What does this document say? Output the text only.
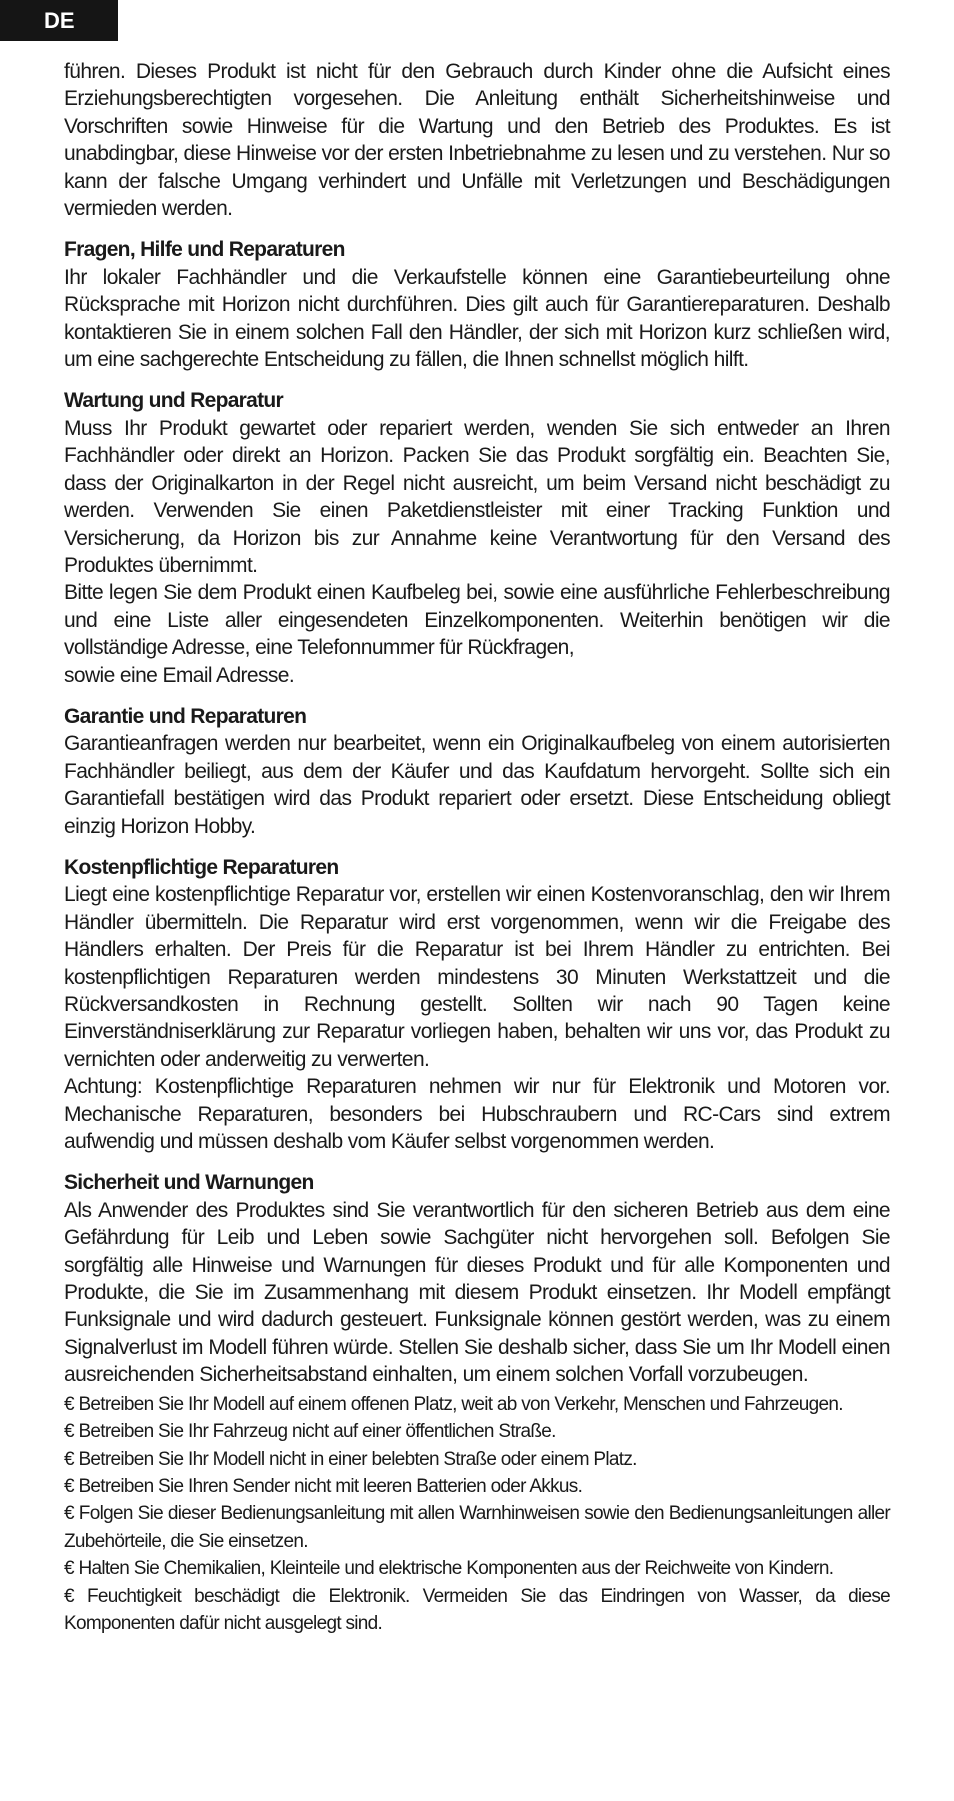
DE

führen. Dieses Produkt ist nicht für den Gebrauch durch Kinder ohne die Aufsicht eines Erziehungsberechtigten vorgesehen. Die Anleitung enthält Sicherheitshinweise und Vorschriften sowie Hinweise für die Wartung und den Betrieb des Produktes. Es ist unabdingbar, diese Hinweise vor der ersten Inbetriebnahme zu lesen und zu verstehen. Nur so kann der falsche Umgang verhindert und Unfälle mit Verletzungen und Beschädigungen vermieden werden.

Fragen, Hilfe und Reparaturen

Ihr lokaler Fachhändler und die Verkaufstelle können eine Garantiebeurteilung ohne Rücksprache mit Horizon nicht durchführen. Dies gilt auch für Garantiereparaturen. Deshalb kontaktieren Sie in einem solchen Fall den Händler, der sich mit Horizon kurz schließen wird, um eine sachgerechte Entscheidung zu fällen, die Ihnen schnellst möglich hilft.

Wartung und Reparatur

Muss Ihr Produkt gewartet oder repariert werden, wenden Sie sich entweder an Ihren Fachhändler oder direkt an Horizon. Packen Sie das Produkt sorgfältig ein. Beachten Sie, dass der Originalkarton in der Regel nicht ausreicht, um beim Versand nicht beschädigt zu werden. Verwenden Sie einen Paketdienstleister mit einer Tracking Funktion und Versicherung, da Horizon bis zur Annahme keine Verantwortung für den Versand des Produktes übernimmt.

Bitte legen Sie dem Produkt einen Kaufbeleg bei, sowie eine ausführliche Fehlerbeschreibung und eine Liste aller eingesendeten Einzelkomponenten. Weiterhin benötigen wir die vollständige Adresse, eine Telefonnummer für Rückfragen,

sowie eine Email Adresse.

Garantie und Reparaturen

Garantieanfragen werden nur bearbeitet, wenn ein Originalkaufbeleg von einem autorisierten Fachhändler beiliegt, aus dem der Käufer und das Kaufdatum hervorgeht. Sollte sich ein Garantiefall bestätigen wird das Produkt repariert oder ersetzt. Diese Entscheidung obliegt einzig Horizon Hobby.

Kostenpflichtige Reparaturen

Liegt eine kostenpflichtige Reparatur vor, erstellen wir einen Kostenvoranschlag, den wir Ihrem Händler übermitteln. Die Reparatur wird erst vorgenommen, wenn wir die Freigabe des Händlers erhalten. Der Preis für die Reparatur ist bei Ihrem Händler zu entrichten. Bei kostenpflichtigen Reparaturen werden mindestens 30 Minuten Werkstattzeit und die Rückversandkosten in Rechnung gestellt. Sollten wir nach 90 Tagen keine Einverständniserklärung zur Reparatur vorliegen haben, behalten wir uns vor, das Produkt zu vernichten oder anderweitig zu verwerten.

Achtung: Kostenpflichtige Reparaturen nehmen wir nur für Elektronik und Motoren vor. Mechanische Reparaturen, besonders bei Hubschraubern und RC-Cars sind extrem aufwendig und müssen deshalb vom Käufer selbst vorgenommen werden.

Sicherheit und Warnungen

Als Anwender des Produktes sind Sie verantwortlich für den sicheren Betrieb aus dem eine Gefährdung für Leib und Leben sowie Sachgüter nicht hervorgehen soll. Befolgen Sie sorgfältig alle Hinweise und Warnungen für dieses Produkt und für alle Komponenten und Produkte, die Sie im Zusammenhang mit diesem Produkt einsetzen. Ihr Modell empfängt Funksignale und wird dadurch gesteuert. Funksignale können gestört werden, was zu einem Signalverlust im Modell führen würde. Stellen Sie deshalb sicher, dass Sie um Ihr Modell einen ausreichenden Sicherheitsabstand einhalten, um einem solchen Vorfall vorzubeugen.

€ Betreiben Sie Ihr Modell auf einem offenen Platz, weit ab von Verkehr, Menschen und Fahrzeugen.

€ Betreiben Sie Ihr Fahrzeug nicht auf einer öffentlichen Straße.

€ Betreiben Sie Ihr Modell nicht in einer belebten Straße oder einem Platz.

€ Betreiben Sie Ihren Sender nicht mit leeren Batterien oder Akkus.

€ Folgen Sie dieser Bedienungsanleitung mit allen Warnhinweisen sowie den Bedienungsanleitungen aller Zubehörteile, die Sie einsetzen.

€ Halten Sie Chemikalien, Kleinteile und elektrische Komponenten aus der Reichweite von Kindern.

€ Feuchtigkeit beschädigt die Elektronik. Vermeiden Sie das Eindringen von Wasser, da diese Komponenten dafür nicht ausgelegt sind.
